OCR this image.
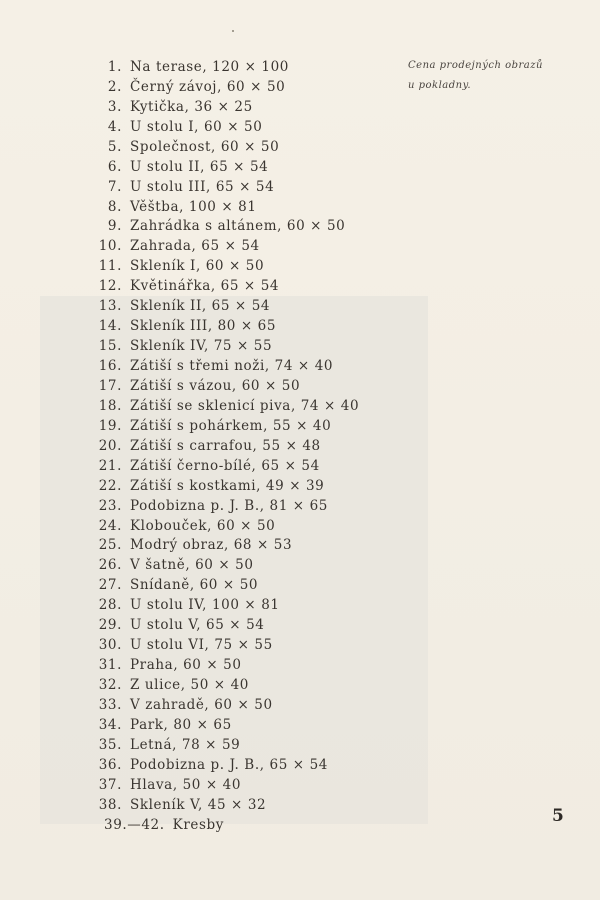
1. Na terase, 120 × 100
2. Černý závoj, 60 × 50
3. Kytička, 36 × 25
4. U stolu I, 60 × 50
5. Společnost, 60 × 50
6. U stolu II, 65 × 54
7. U stolu III, 65 × 54
8. Věštba, 100 × 81
9. Zahrádka s altánem, 60 × 50
10. Zahrada, 65 × 54
11. Skleník I, 60 × 50
12. Květinářka, 65 × 54
13. Skleník II, 65 × 54
14. Skleník III, 80 × 65
15. Skleník IV, 75 × 55
16. Zátiší s třemi noži, 74 × 40
17. Zátiší s vázou, 60 × 50
18. Zátiší se sklenicí piva, 74 × 40
19. Zátiší s pohárkem, 55 × 40
20. Zátiší s carrafou, 55 × 48
21. Zátiší černo-bílé, 65 × 54
22. Zátiší s kostkami, 49 × 39
23. Podobizna p. J. B., 81 × 65
24. Klobouček, 60 × 50
25. Modrý obraz, 68 × 53
26. V šatně, 60 × 50
27. Snídaně, 60 × 50
28. U stolu IV, 100 × 81
29. U stolu V, 65 × 54
30. U stolu VI, 75 × 55
31. Praha, 60 × 50
32. Z ulice, 50 × 40
33. V zahradě, 60 × 50
34. Park, 80 × 65
35. Letná, 78 × 59
36. Podobizna p. J. B., 65 × 54
37. Hlava, 50 × 40
38. Skleník V, 45 × 32
39.—42. Kresby
Cena prodejných obrazů
u pokladny.
5
